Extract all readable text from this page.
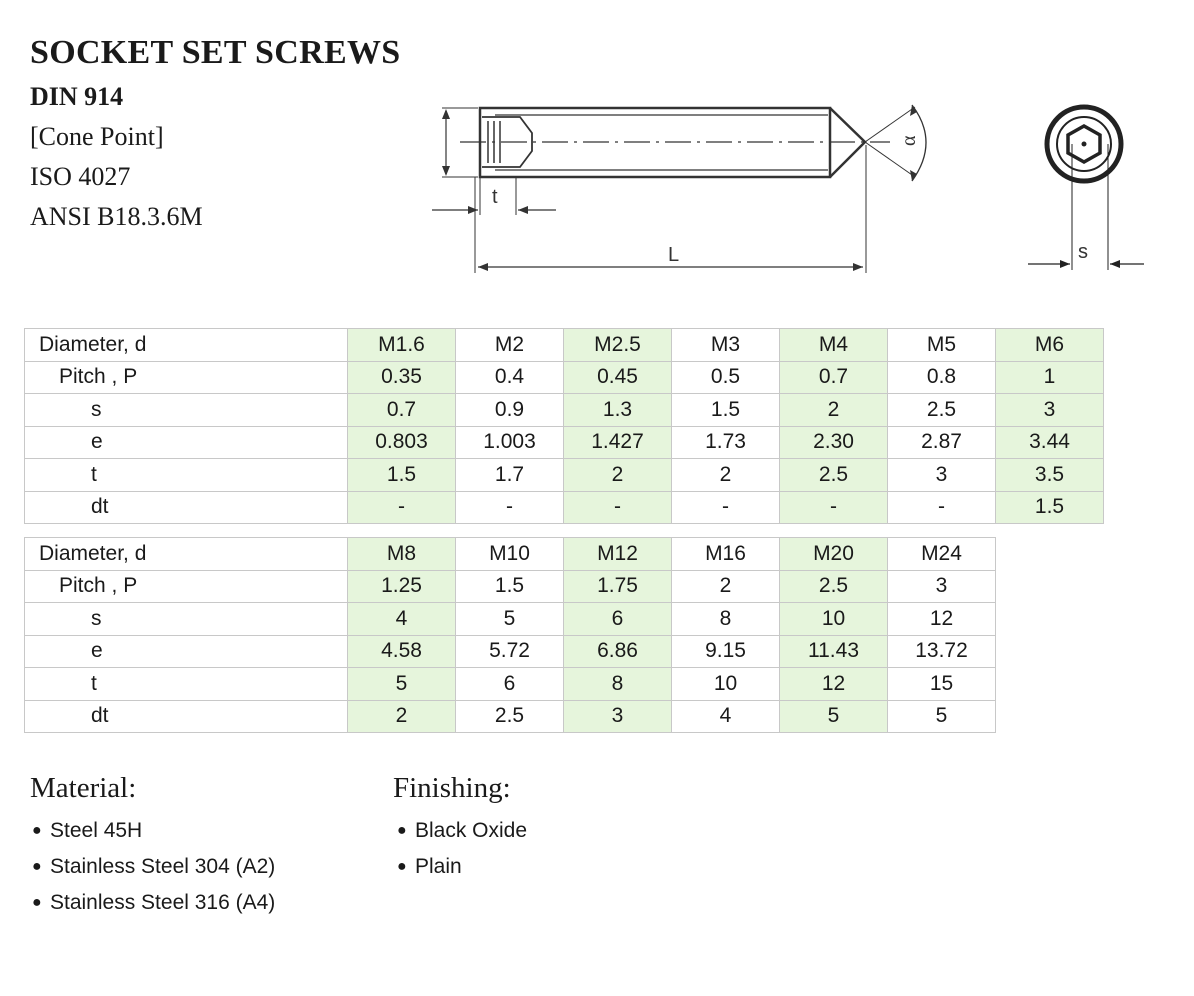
SOCKET SET SCREWS
DIN 914
[Cone Point]
ISO 4027
ANSI B18.3.6M
α
t
L	s
Diameter, d	M1.6	M2	M2.5	M3	M4	M5	M6
Pitch , P	0.35	0.4	0.45	0.5	0.7	0.8	1
s	0.7	0.9	1.3	1.5	2	2.5	3
e	0.803	1.003	1.427	1.73	2.30	2.87	3.44
t	1.5	1.7	2	2	2.5	3	3.5
dt	-	-	-	-	-	-	1.5
Diameter, d	M8	M10	M12	M16	M20	M24
Pitch , P	1.25	1.5	1.75	2	2.5	3
s	4	5	6	8	10	12
e	4.58	5.72	6.86	9.15	11.43	13.72
t	5	6	8	10	12	15
dt	2	2.5	3	4	5	5
Material:
● Steel 45H
● Stainless Steel 304 (A2)
● Stainless Steel 316 (A4)
Finishing:
● Black Oxide
● Plain
